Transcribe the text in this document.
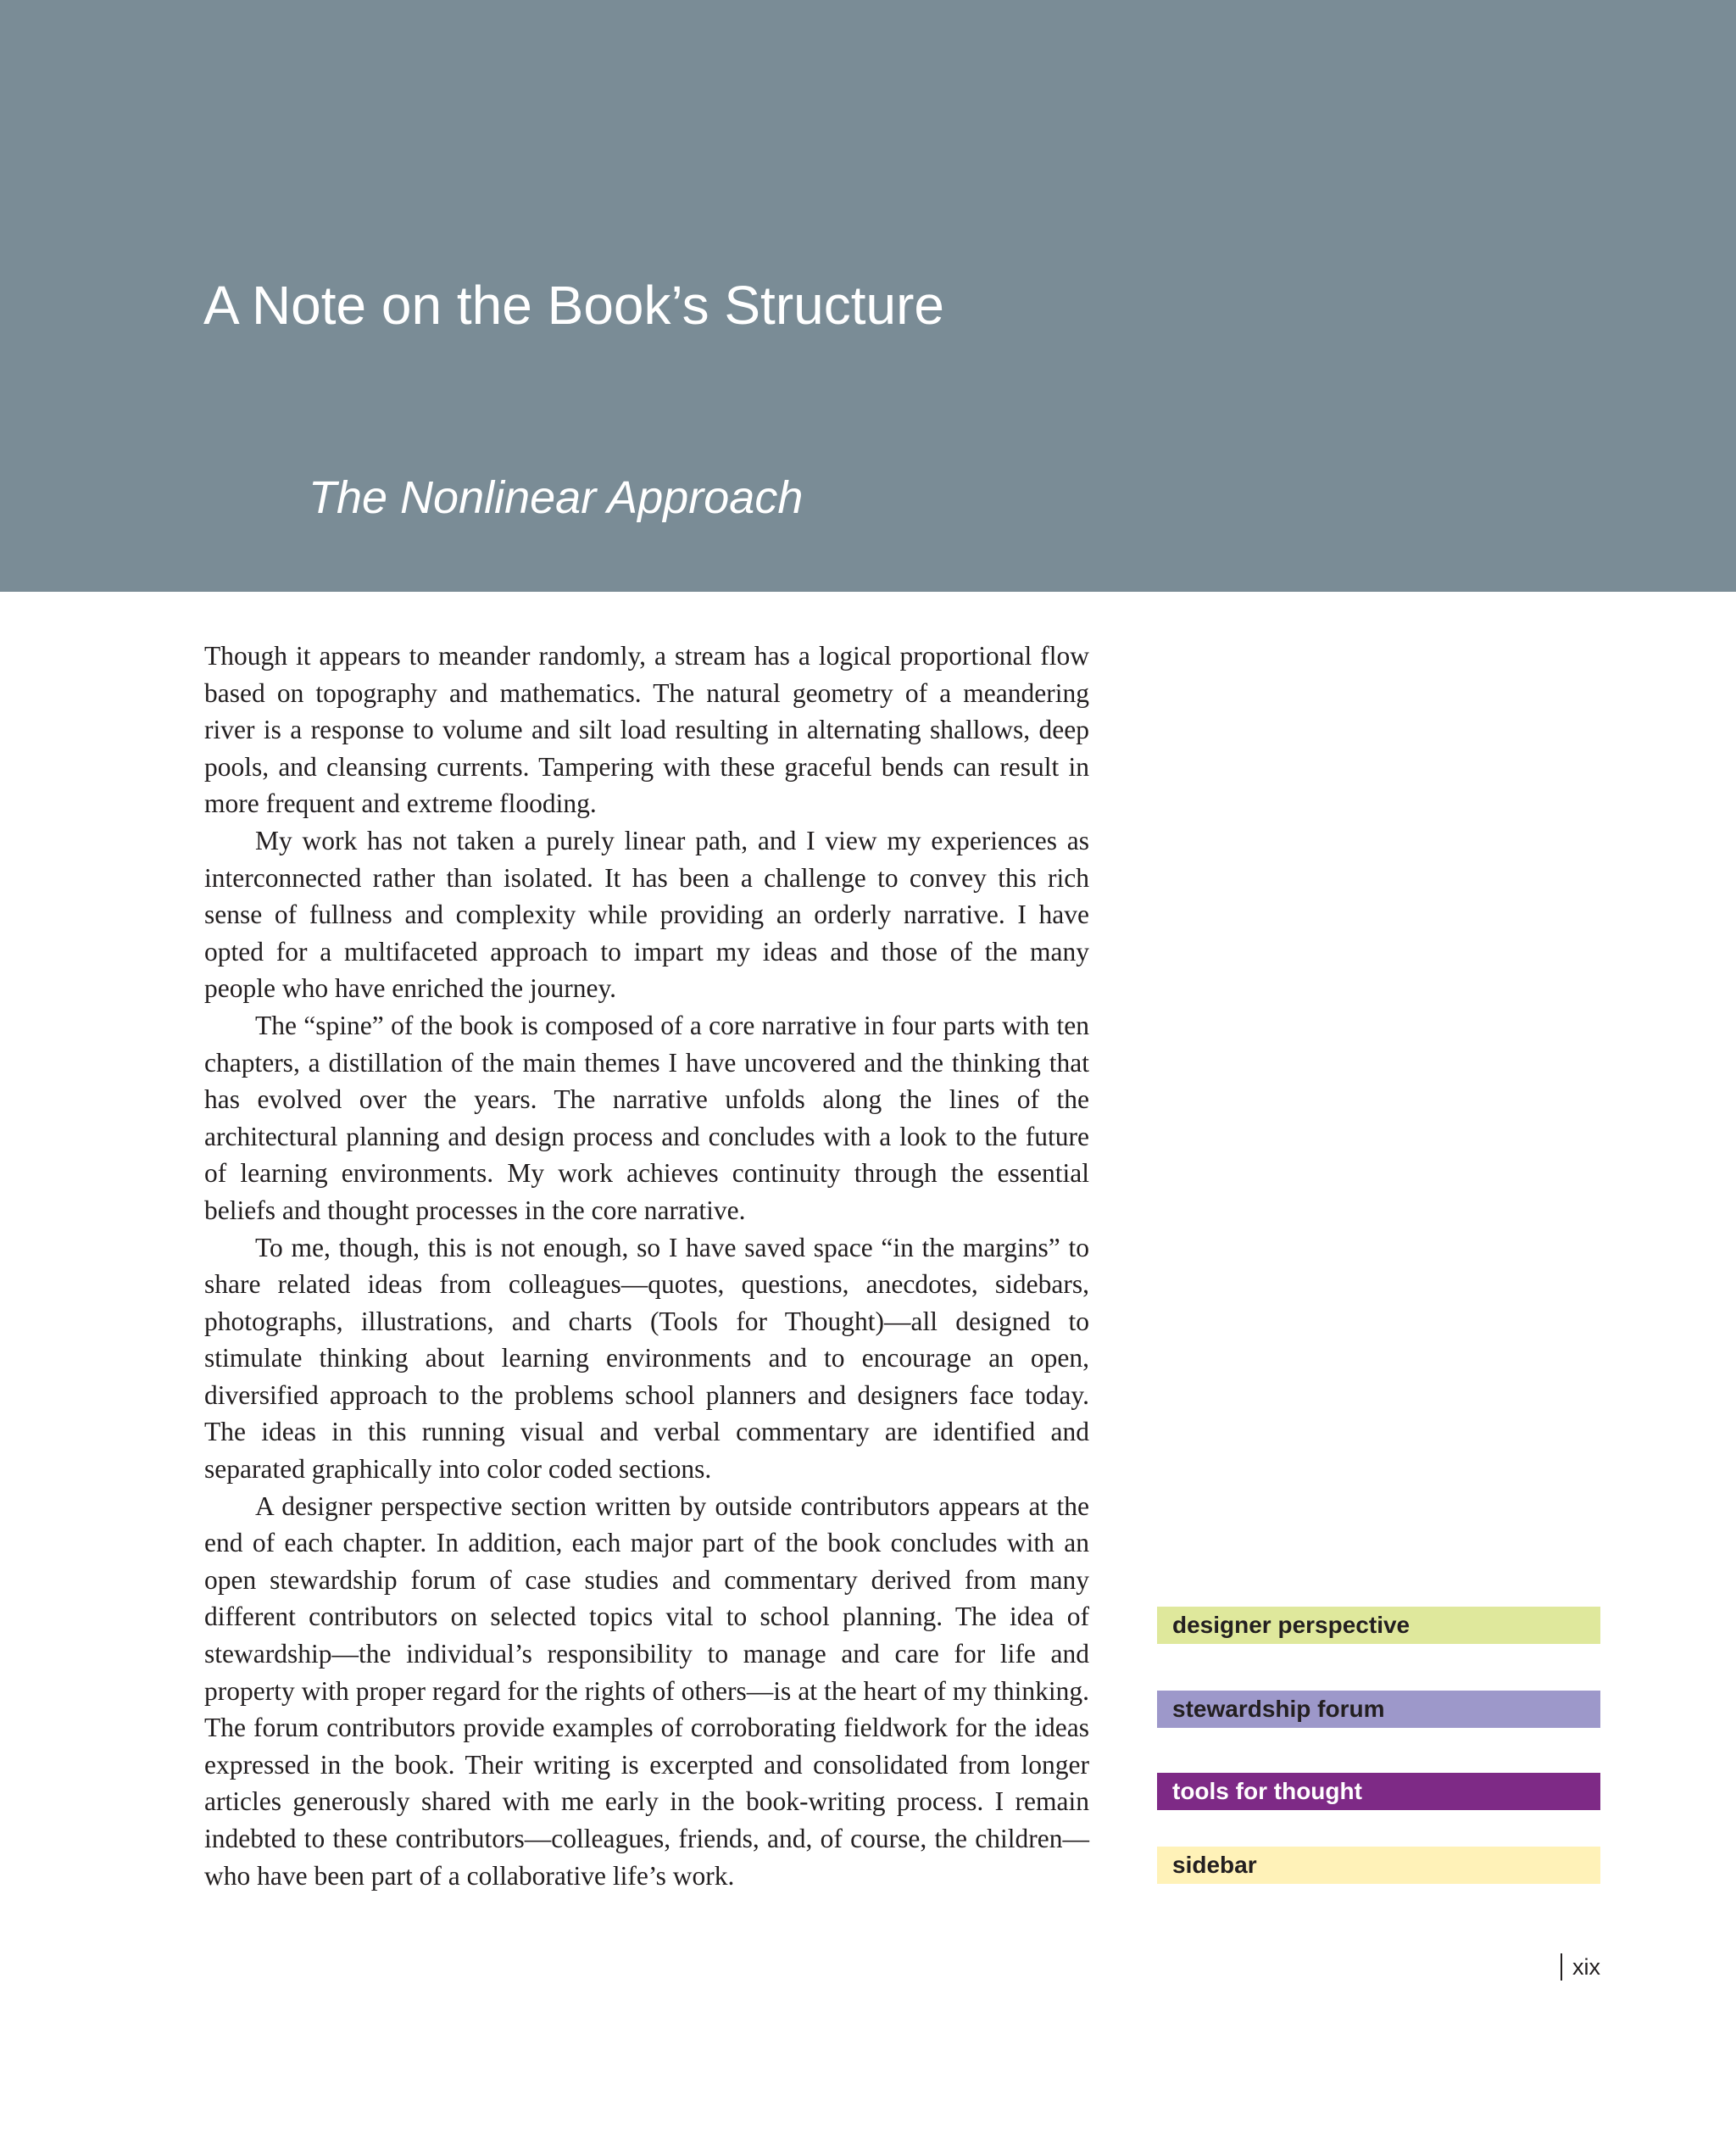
A Note on the Book’s Structure
The Nonlinear Approach

Though it appears to meander randomly, a stream has a logical proportional flow based on topography and mathematics. The natural geometry of a meandering river is a response to volume and silt load resulting in alternating shallows, deep pools, and cleansing currents. Tampering with these graceful bends can result in more frequent and extreme flooding.

My work has not taken a purely linear path, and I view my experiences as interconnected rather than isolated. It has been a challenge to convey this rich sense of fullness and complexity while providing an orderly narrative. I have opted for a multifaceted approach to impart my ideas and those of the many people who have enriched the journey.

The “spine” of the book is composed of a core narrative in four parts with ten chapters, a distillation of the main themes I have uncovered and the thinking that has evolved over the years. The narrative unfolds along the lines of the architectural planning and design process and concludes with a look to the future of learning environments. My work achieves continuity through the essential beliefs and thought processes in the core narrative.

To me, though, this is not enough, so I have saved space “in the margins” to share related ideas from colleagues—quotes, questions, anecdotes, sidebars, photographs, illustrations, and charts (Tools for Thought)—all designed to stimulate thinking about learning environments and to encourage an open, diversified approach to the problems school planners and designers face today. The ideas in this running visual and verbal commentary are identified and separated graphically into color coded sections.

A designer perspective section written by outside contributors appears at the end of each chapter. In addition, each major part of the book concludes with an open stewardship forum of case studies and commentary derived from many different contributors on selected topics vital to school planning. The idea of stewardship—the individual’s responsibility to manage and care for life and property with proper regard for the rights of others—is at the heart of my thinking. The forum contributors provide examples of corroborating fieldwork for the ideas expressed in the book. Their writing is excerpted and consolidated from longer articles generously shared with me early in the book-writing process. I remain indebted to these contributors—colleagues, friends, and, of course, the children—who have been part of a collaborative life’s work.

designer perspective
stewardship forum
tools for thought
sidebar
xix
